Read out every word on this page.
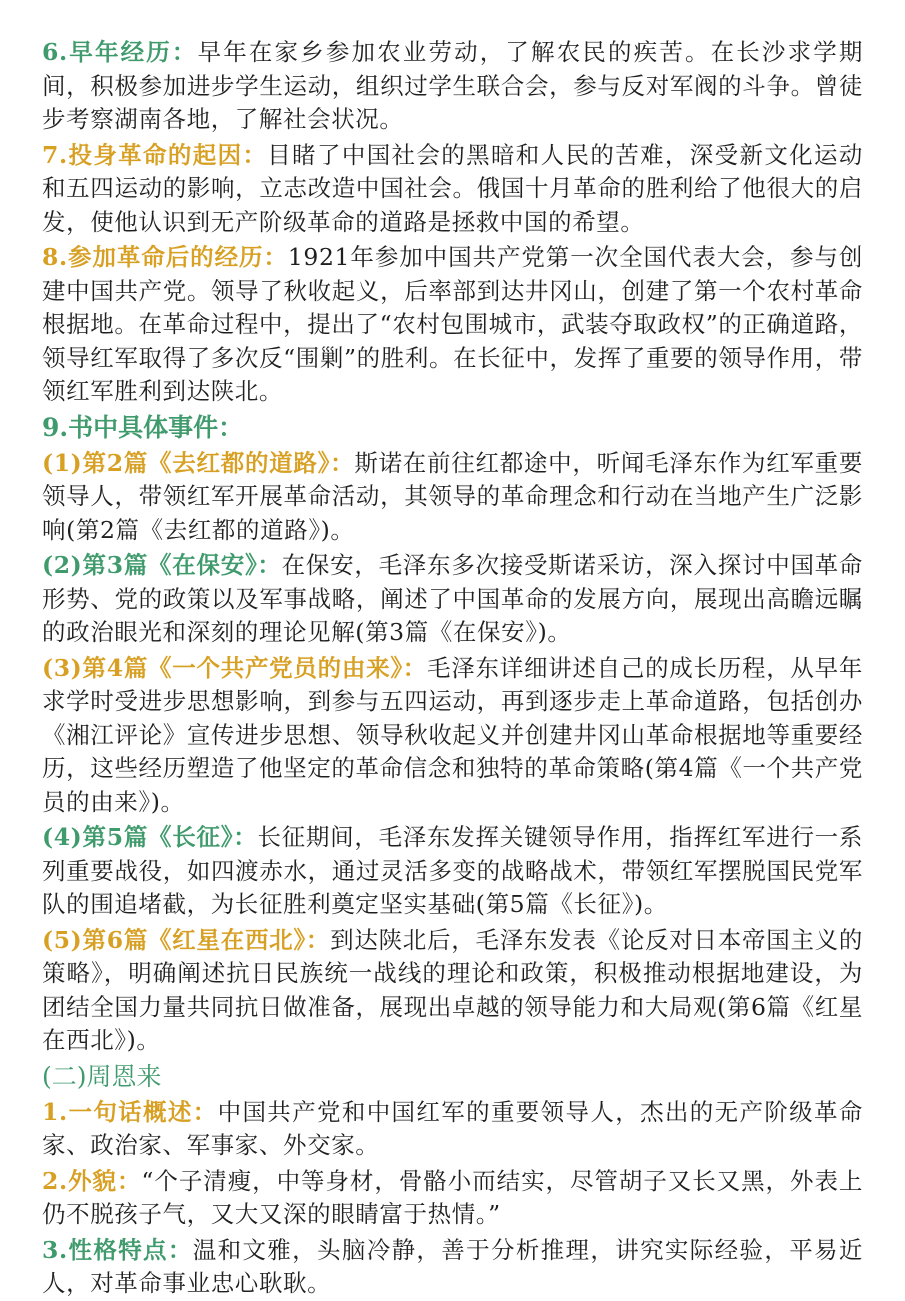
6.早年经历：早年在家乡参加农业劳动，了解农民的疾苦。在长沙求学期间，积极参加进步学生运动，组织过学生联合会，参与反对军阀的斗争。曾徒步考察湖南各地，了解社会状况。

7.投身革命的起因：目睹了中国社会的黑暗和人民的苦难，深受新文化运动和五四运动的影响，立志改造中国社会。俄国十月革命的胜利给了他很大的启发，使他认识到无产阶级革命的道路是拯救中国的希望。

8.参加革命后的经历：1921年参加中国共产党第一次全国代表大会，参与创建中国共产党。领导了秋收起义，后率部到达井冈山，创建了第一个农村革命根据地。在革命过程中，提出了“农村包围城市，武装夺取政权”的正确道路，领导红军取得了多次反“围剿”的胜利。在长征中，发挥了重要的领导作用，带领红军胜利到达陕北。

9.书中具体事件：

(1)第2篇《去红都的道路》：斯诺在前往红都途中，听闻毛泽东作为红军重要领导人，带领红军开展革命活动，其领导的革命理念和行动在当地产生广泛影响(第2篇《去红都的道路》)。

(2)第3篇《在保安》：在保安，毛泽东多次接受斯诺采访，深入探讨中国革命形势、党的政策以及军事战略，阐述了中国革命的发展方向，展现出高瞻远瞩的政治眼光和深刻的理论见解(第3篇《在保安》)。

(3)第4篇《一个共产党员的由来》：毛泽东详细讲述自己的成长历程，从早年求学时受进步思想影响，到参与五四运动，再到逐步走上革命道路，包括创办《湘江评论》宣传进步思想、领导秋收起义并创建井冈山革命根据地等重要经历，这些经历塑造了他坚定的革命信念和独特的革命策略(第4篇《一个共产党员的由来》)。

(4)第5篇《长征》：长征期间，毛泽东发挥关键领导作用，指挥红军进行一系列重要战役，如四渡赤水，通过灵活多变的战略战术，带领红军摆脱国民党军队的围追堵截，为长征胜利奠定坚实基础(第5篇《长征》)。

(5)第6篇《红星在西北》：到达陕北后，毛泽东发表《论反对日本帝国主义的策略》，明确阐述抗日民族统一战线的理论和政策，积极推动根据地建设，为团结全国力量共同抗日做准备，展现出卓越的领导能力和大局观(第6篇《红星在西北》)。

(二)周恩来

1.一句话概述：中国共产党和中国红军的重要领导人，杰出的无产阶级革命家、政治家、军事家、外交家。

2.外貌：“个子清瘦，中等身材，骨骼小而结实，尽管胡子又长又黑，外表上仍不脱孩子气，又大又深的眼睛富于热情。”

3.性格特点：温和文雅，头脑冷静，善于分析推理，讲究实际经验，平易近人，对革命事业忠心耿耿。
